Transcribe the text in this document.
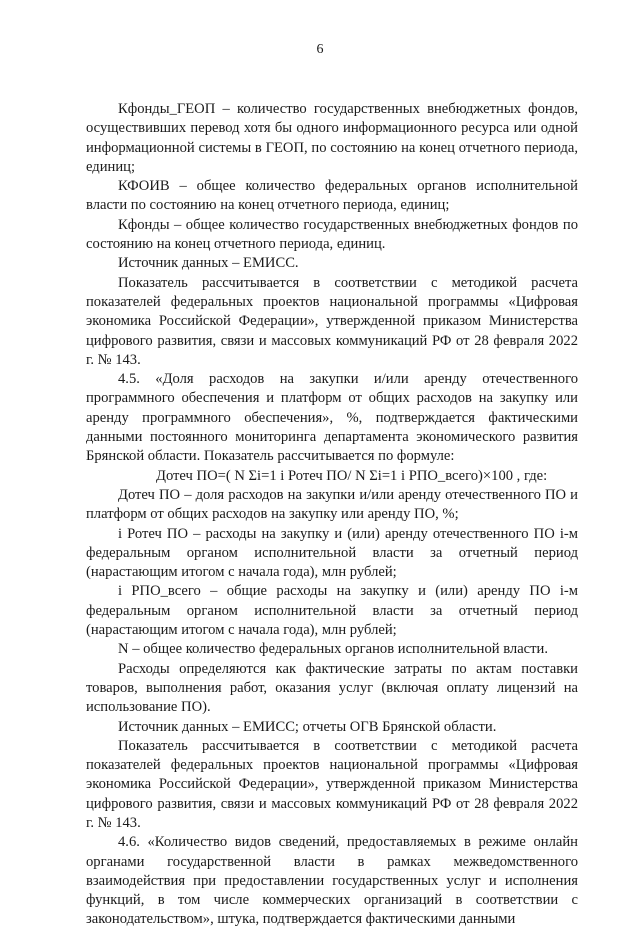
6

Кфонды_ГЕОП – количество государственных внебюджетных фондов, осуществивших перевод хотя бы одного информационного ресурса или одной информационной системы в ГЕОП, по состоянию на конец отчетного периода, единиц;

КФОИВ – общее количество федеральных органов исполнительной власти по состоянию на конец отчетного периода, единиц;

Кфонды – общее количество государственных внебюджетных фондов по состоянию на конец отчетного периода, единиц.

Источник данных – ЕМИСС.

Показатель рассчитывается в соответствии с методикой расчета показателей федеральных проектов национальной программы «Цифровая экономика Российской Федерации», утвержденной приказом Министерства цифрового развития, связи и массовых коммуникаций РФ от 28 февраля 2022 г. № 143.

4.5. «Доля расходов на закупки и/или аренду отечественного программного обеспечения и платформ от общих расходов на закупку или аренду программного обеспечения», %, подтверждается фактическими данными постоянного мониторинга департамента экономического развития Брянской области. Показатель рассчитывается по формуле:

Дотеч ПО=( N Σi=1 і Ротеч ПО/ N Σi=1 і РПО_всего)×100 , где:

Дотеч ПО – доля расходов на закупки и/или аренду отечественного ПО и платформ от общих расходов на закупку или аренду ПО, %;

і Ротеч ПО – расходы на закупку и (или) аренду отечественного ПО і-м федеральным органом исполнительной власти за отчетный период (нарастающим итогом с начала года), млн рублей;

і РПО_всего – общие расходы на закупку и (или) аренду ПО і-м федеральным органом исполнительной власти за отчетный период (нарастающим итогом с начала года), млн рублей;

N – общее количество федеральных органов исполнительной власти.

Расходы определяются как фактические затраты по актам поставки товаров, выполнения работ, оказания услуг (включая оплату лицензий на использование ПО).

Источник данных – ЕМИСС; отчеты ОГВ Брянской области.

Показатель рассчитывается в соответствии с методикой расчета показателей федеральных проектов национальной программы «Цифровая экономика Российской Федерации», утвержденной приказом Министерства цифрового развития, связи и массовых коммуникаций РФ от 28 февраля 2022 г. № 143.

4.6. «Количество видов сведений, предоставляемых в режиме онлайн органами государственной власти в рамках межведомственного взаимодействия при предоставлении государственных услуг и исполнения функций, в том числе коммерческих организаций в соответствии с законодательством», штука, подтверждается фактическими данными
